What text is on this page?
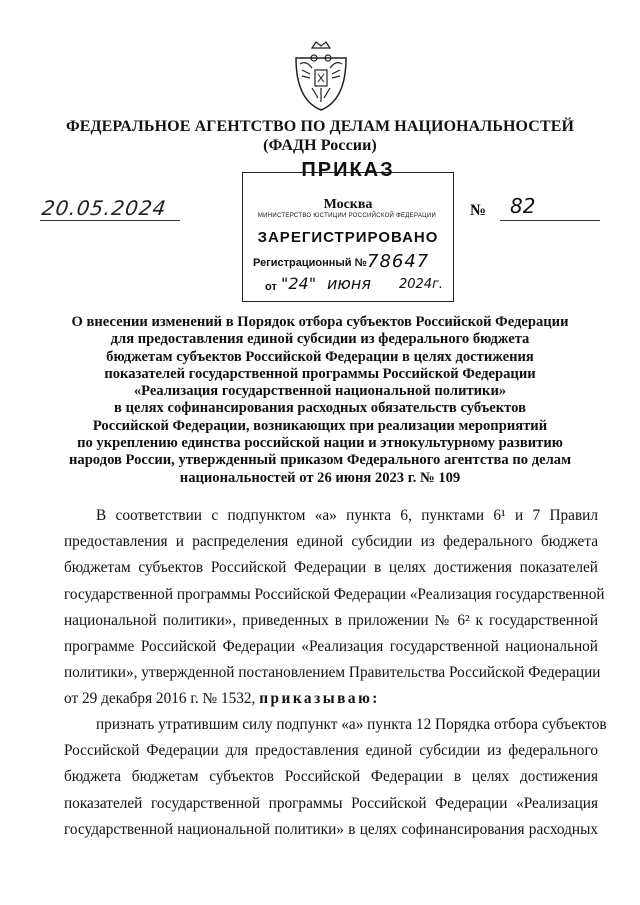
ФЕДЕРАЛЬНОЕ АГЕНТСТВО ПО ДЕЛАМ НАЦИОНАЛЬНОСТЕЙ
(ФАДН России)
20.05.2024
ПРИКАЗ
Москва
МИНИСТЕРСТВО ЮСТИЦИИ РОССИЙСКОЙ ФЕДЕРАЦИИ
ЗАРЕГИСТРИРОВАНО
Регистрационный № 78647
от "24" июня 2024г.
№ 82
О внесении изменений в Порядок отбора субъектов Российской Федерации
для предоставления единой субсидии из федерального бюджета
бюджетам субъектов Российской Федерации в целях достижения
показателей государственной программы Российской Федерации
«Реализация государственной национальной политики»
в целях софинансирования расходных обязательств субъектов
Российской Федерации, возникающих при реализации мероприятий
по укреплению единства российской нации и этнокультурному развитию
народов России, утвержденный приказом Федерального агентства по делам
национальностей от 26 июня 2023 г. № 109
В соответствии с подпунктом «а» пункта 6, пунктами 6¹ и 7 Правил
предоставления и распределения единой субсидии из федерального бюджета
бюджетам субъектов Российской Федерации в целях достижения показателей
государственной программы Российской Федерации «Реализация государственной
национальной политики», приведенных в приложении № 6² к государственной
программе Российской Федерации «Реализация государственной национальной
политики», утвержденной постановлением Правительства Российской Федерации
от 29 декабря 2016 г. № 1532, приказываю:
признать утратившим силу подпункт «а» пункта 12 Порядка отбора субъектов
Российской Федерации для предоставления единой субсидии из федерального
бюджета бюджетам субъектов Российской Федерации в целях достижения
показателей государственной программы Российской Федерации «Реализация
государственной национальной политики» в целях софинансирования расходных
